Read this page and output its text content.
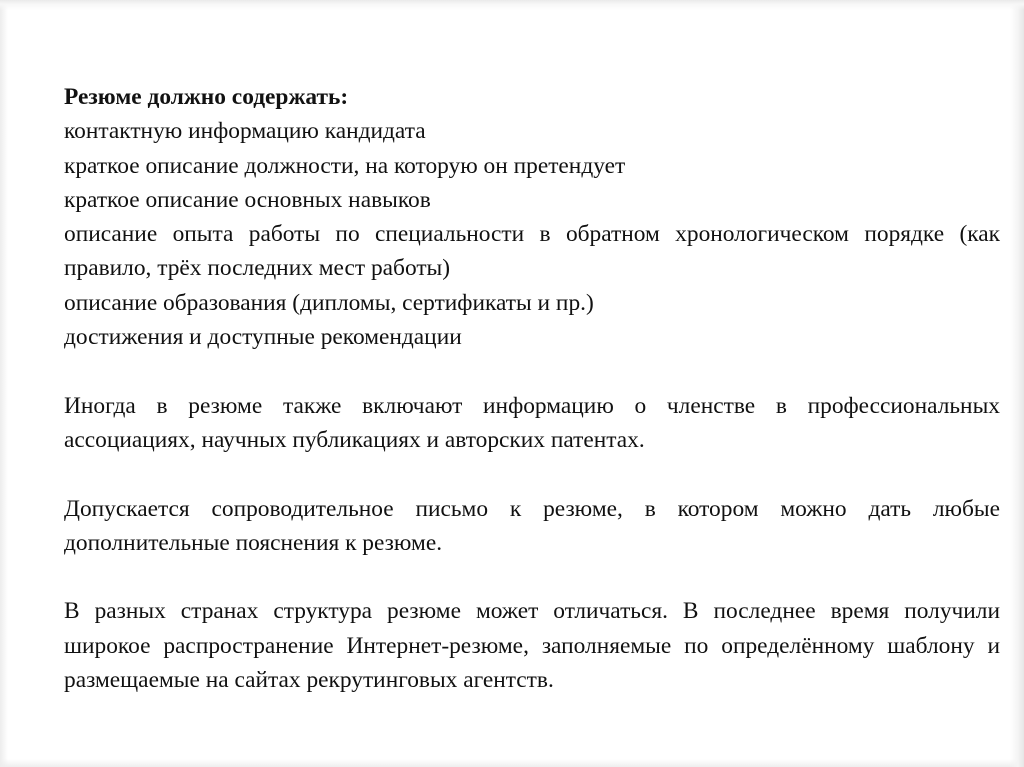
Резюме должно содержать:

контактную информацию кандидата

краткое описание должности, на которую он претендует

краткое описание основных навыков

описание опыта работы по специальности в обратном хронологическом порядке (как правило, трёх последних мест работы)

описание образования (дипломы, сертификаты и пр.)

достижения и доступные рекомендации

Иногда в резюме также включают информацию о членстве в профессиональных ассоциациях, научных публикациях и авторских патентах.

Допускается сопроводительное письмо к резюме, в котором можно дать любые дополнительные пояснения к резюме.

В разных странах структура резюме может отличаться. В последнее время получили широкое распространение Интернет-резюме, заполняемые по определённому шаблону и размещаемые на сайтах рекрутинговых агентств.
